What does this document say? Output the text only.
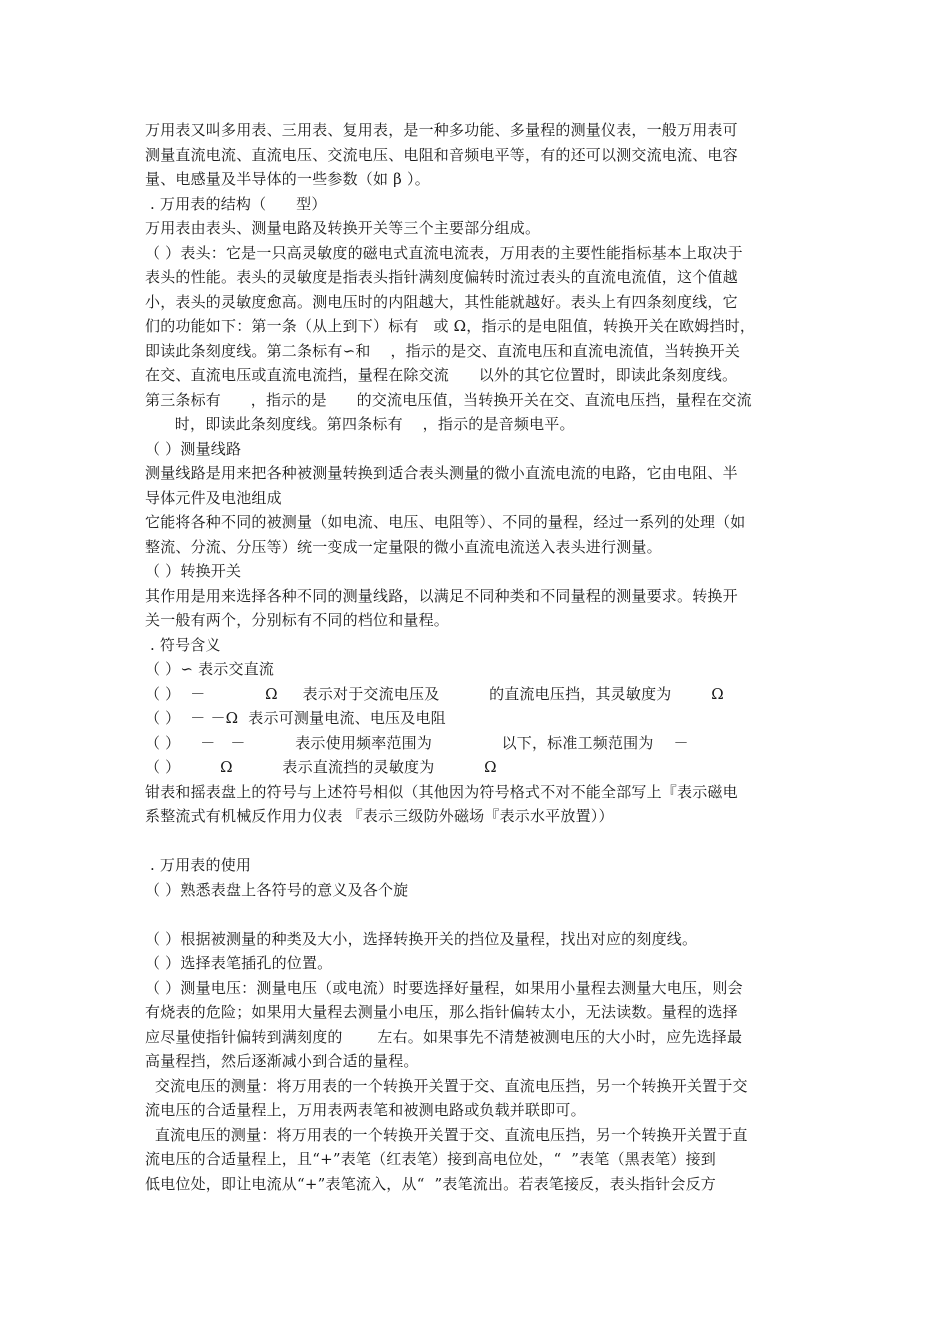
万用表又叫多用表、三用表、复用表，是一种多功能、多量程的测量仪表，一般万用表可
测量直流电流、直流电压、交流电压、电阻和音频电平等，有的还可以测交流电流、电容
量、电感量及半导体的一些参数（如 β ）。
. 万用表的结构（      型）
万用表由表头、测量电路及转换开关等三个主要部分组成。
（ ）表头：它是一只高灵敏度的磁电式直流电流表，万用表的主要性能指标基本上取决于
表头的性能。表头的灵敏度是指表头指针满刻度偏转时流过表头的直流电流值，这个值越
小，表头的灵敏度愈高。测电压时的内阻越大，其性能就越好。表头上有四条刻度线，它
们的功能如下：第一条（从上到下）标有   或 Ω，指示的是电阻值，转换开关在欧姆挡时，
即读此条刻度线。第二条标有∽和    ，指示的是交、直流电压和直流电流值，当转换开关
在交、直流电压或直流电流挡，量程在除交流      以外的其它位置时，即读此条刻度线。
第三条标有      ，指示的是      的交流电压值，当转换开关在交、直流电压挡，量程在交流
时，即读此条刻度线。第四条标有    ，指示的是音频电平。
（ ）测量线路
测量线路是用来把各种被测量转换到适合表头测量的微小直流电流的电路，它由电阻、半
导体元件及电池组成
它能将各种不同的被测量（如电流、电压、电阻等）、不同的量程，经过一系列的处理（如
整流、分流、分压等）统一变成一定量限的微小直流电流送入表头进行测量。
（ ）转换开关
其作用是用来选择各种不同的测量线路，以满足不同种类和不同量程的测量要求。转换开
关一般有两个，分别标有不同的档位和量程。
. 符号含义
（ ）∽ 表示交直流
（ ）  －            Ω     表示对于交流电压及          的直流电压挡，其灵敏度为        Ω
（ ）  － －Ω  表示可测量电流、电压及电阻
（ ）    －   －          表示使用频率范围为              以下，标准工频范围为    －
（ ）        Ω          表示直流挡的灵敏度为          Ω
钳表和摇表盘上的符号与上述符号相似（其他因为符号格式不对不能全部写上『表示磁电
系整流式有机械反作用力仪表 『表示三级防外磁场『表示水平放置））
. 万用表的使用
（ ）熟悉表盘上各符号的意义及各个旋
（ ）根据被测量的种类及大小，选择转换开关的挡位及量程，找出对应的刻度线。
（ ）选择表笔插孔的位置。
（ ）测量电压：测量电压（或电流）时要选择好量程，如果用小量程去测量大电压，则会
有烧表的危险；如果用大量程去测量小电压，那么指针偏转太小，无法读数。量程的选择
应尽量使指针偏转到满刻度的       左右。如果事先不清楚被测电压的大小时，应先选择最
高量程挡，然后逐渐减小到合适的量程。
交流电压的测量：将万用表的一个转换开关置于交、直流电压挡，另一个转换开关置于交
流电压的合适量程上，万用表两表笔和被测电路或负载并联即可。
直流电压的测量：将万用表的一个转换开关置于交、直流电压挡，另一个转换开关置于直
流电压的合适量程上，且“+”表笔（红表笔）接到高电位处，“  ”表笔（黑表笔）接到
低电位处，即让电流从“+”表笔流入，从“  ”表笔流出。若表笔接反，表头指针会反方
